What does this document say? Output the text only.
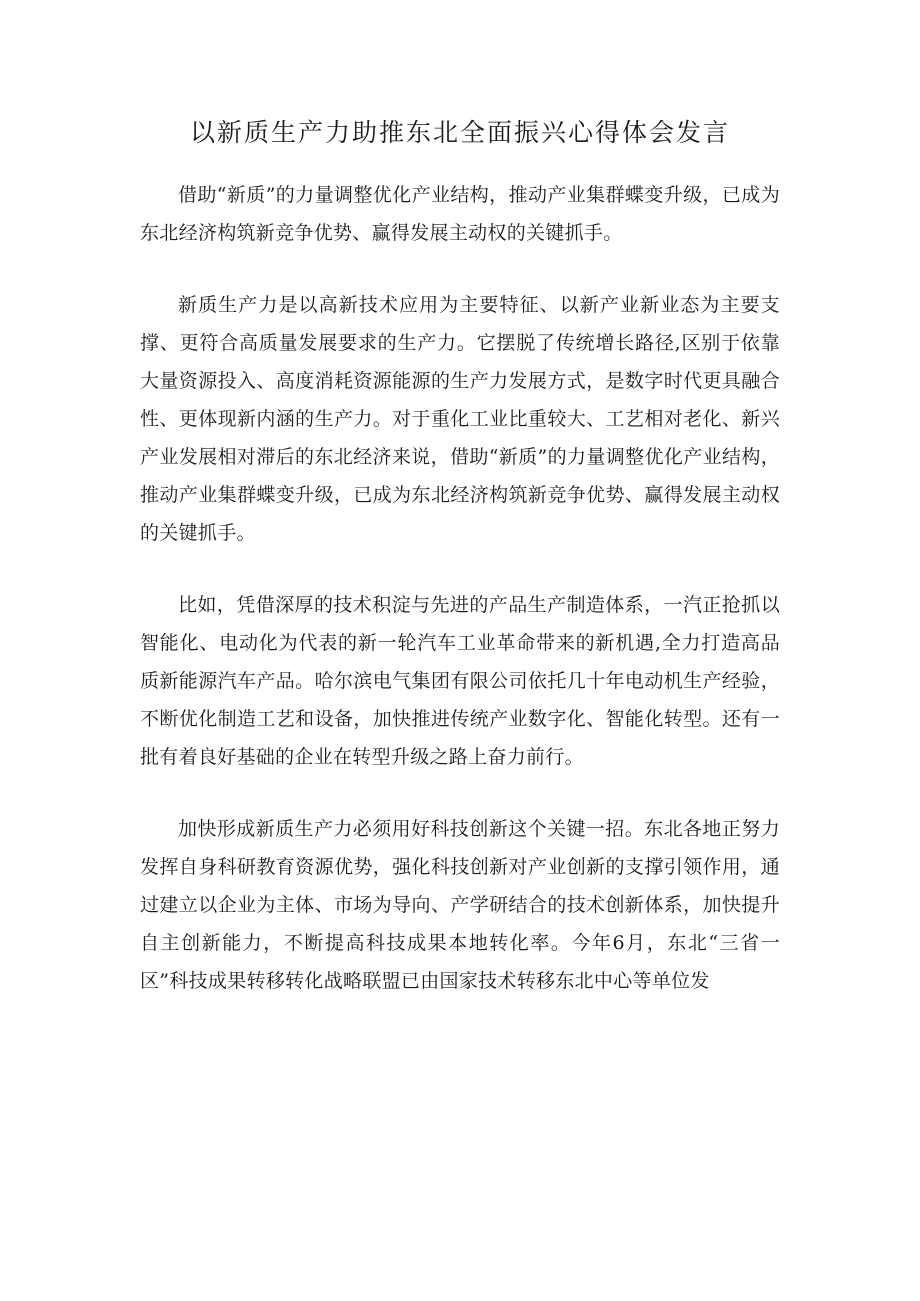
以新质生产力助推东北全面振兴心得体会发言

借助“新质”的力量调整优化产业结构，推动产业集群蝶变升级，已成为东北经济构筑新竞争优势、赢得发展主动权的关键抓手。

新质生产力是以高新技术应用为主要特征、以新产业新业态为主要支撑、更符合高质量发展要求的生产力。它摆脱了传统增长路径,区别于依靠大量资源投入、高度消耗资源能源的生产力发展方式，是数字时代更具融合性、更体现新内涵的生产力。对于重化工业比重较大、工艺相对老化、新兴产业发展相对滞后的东北经济来说，借助“新质”的力量调整优化产业结构，推动产业集群蝶变升级，已成为东北经济构筑新竞争优势、赢得发展主动权的关键抓手。

比如，凭借深厚的技术积淀与先进的产品生产制造体系，一汽正抢抓以智能化、电动化为代表的新一轮汽车工业革命带来的新机遇,全力打造高品质新能源汽车产品。哈尔滨电气集团有限公司依托几十年电动机生产经验，不断优化制造工艺和设备，加快推进传统产业数字化、智能化转型。还有一批有着良好基础的企业在转型升级之路上奋力前行。

加快形成新质生产力必须用好科技创新这个关键一招。东北各地正努力发挥自身科研教育资源优势，强化科技创新对产业创新的支撑引领作用，通过建立以企业为主体、市场为导向、产学研结合的技术创新体系，加快提升自主创新能力，不断提高科技成果本地转化率。今年6月，东北“三省一区”科技成果转移转化战略联盟已由国家技术转移东北中心等单位发
